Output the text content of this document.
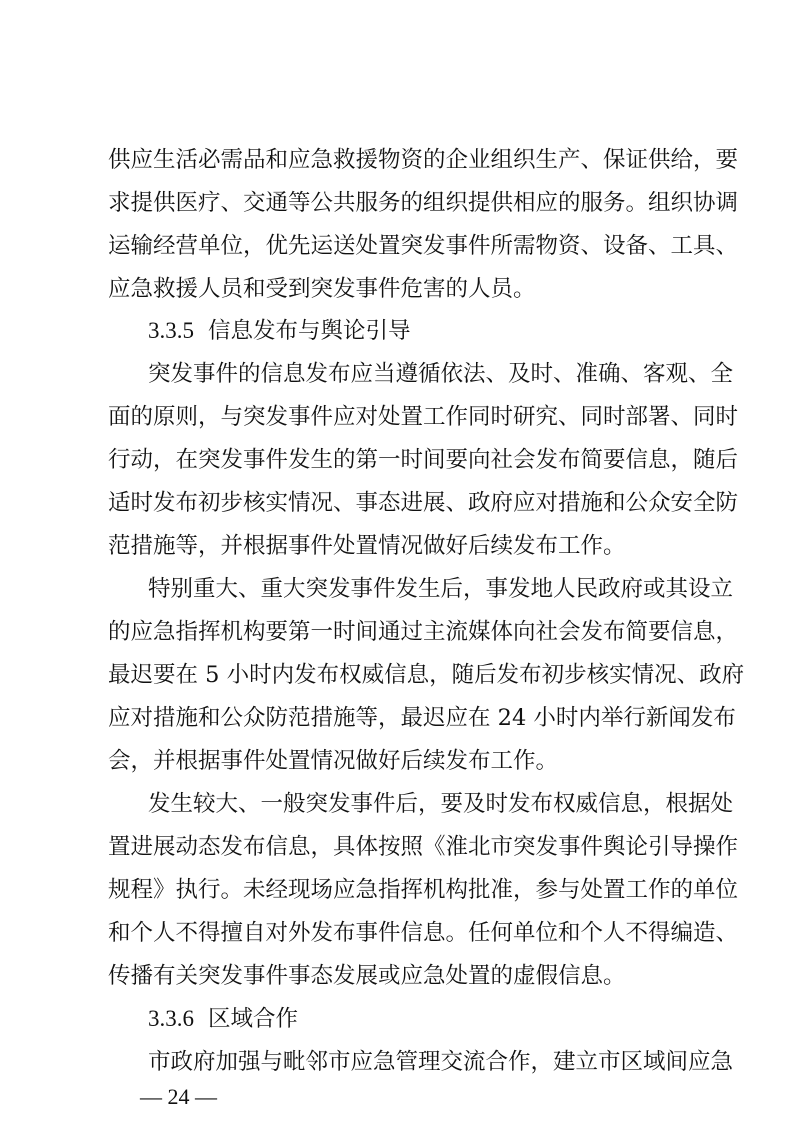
供应生活必需品和应急救援物资的企业组织生产、保证供给，要
求提供医疗、交通等公共服务的组织提供相应的服务。组织协调
运输经营单位，优先运送处置突发事件所需物资、设备、工具、
应急救援人员和受到突发事件危害的人员。
3.3.5 信息发布与舆论引导
突发事件的信息发布应当遵循依法、及时、准确、客观、全
面的原则，与突发事件应对处置工作同时研究、同时部署、同时
行动，在突发事件发生的第一时间要向社会发布简要信息，随后
适时发布初步核实情况、事态进展、政府应对措施和公众安全防
范措施等，并根据事件处置情况做好后续发布工作。
特别重大、重大突发事件发生后，事发地人民政府或其设立
的应急指挥机构要第一时间通过主流媒体向社会发布简要信息，
最迟要在 5 小时内发布权威信息，随后发布初步核实情况、政府
应对措施和公众防范措施等，最迟应在 24 小时内举行新闻发布
会，并根据事件处置情况做好后续发布工作。
发生较大、一般突发事件后，要及时发布权威信息，根据处
置进展动态发布信息，具体按照《淮北市突发事件舆论引导操作
规程》执行。未经现场应急指挥机构批准，参与处置工作的单位
和个人不得擅自对外发布事件信息。任何单位和个人不得编造、
传播有关突发事件事态发展或应急处置的虚假信息。
3.3.6 区域合作
市政府加强与毗邻市应急管理交流合作，建立市区域间应急
— 24 —
